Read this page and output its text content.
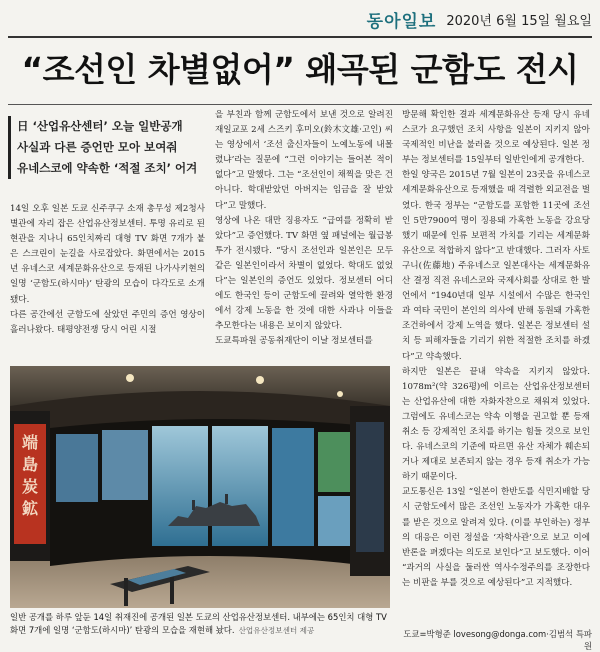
동아일보 2020년 6월 15일 월요일
“조선인 차별없어” 왜곡된 군함도 전시
日 ‘산업유산센터’ 오늘 일반공개
사실과 다른 증언만 모아 보여줘
유네스코에 약속한 ‘적절 조치’ 어겨
14일 오후 일본 도쿄 신주쿠구 소재 총무성 제2청사 별관에 자리 잡은 산업유산정보센터. 투명 유리로 된 현관을 지나니 65인치짜리 대형 TV 화면 7개가 붙은 스크린이 눈길을 사로잡았다. 화면에서는 2015년 유네스코 세계문화유산으로 등재된 나가사키현의 일명 ‘군함도(하시마)’ 탄광의 모습이 다각도로 소개됐다.
다른 공간에선 군함도에 살았던 주민의 증언 영상이 흘러나왔다. 태평양전쟁 당시 어린 시절
을 부친과 함께 군함도에서 보낸 것으로 알려진 재일교포 2세 스즈키 후미오(鈴木文雄·고인) 씨는 영상에서 ‘조선 출신자들이 노예노동에 내몰렸냐’라는 질문에 “그런 이야기는 들어본 적이 없다”고 말했다. 그는 “조선인이 채찍을 맞은 건 아니다. 학대받았던 아버지는 임금을 잘 받았다”고 말했다.
영상에 나온 대만 징용자도 “급여를 정확히 받았다”고 증언했다. TV 화면 옆 패널에는 월급봉투가 전시됐다. “당시 조선인과 일본인은 모두 같은 일본인이라서 차별이 없었다. 학대도 없었다”는 일본인의 증언도 있었다. 정보센터 어디에도 한국인 등이 군함도에 끌려와 열악한 환경에서 강제 노동을 한 것에 대한 사과나 이들을 추모한다는 내용은 보이지 않았다.
도쿄특파원 공동취재단이 이날 정보센터를
방문해 확인한 결과 세계문화유산 등재 당시 유네스코가 요구했던 조치 사항을 일본이 지키지 않아 국제적인 비난을 불러올 것으로 예상된다. 일본 정부는 정보센터를 15일부터 일반인에게 공개한다.
한일 양국은 2015년 7월 일본이 23곳을 유네스코 세계문화유산으로 등재했을 때 격렬한 외교전을 벌였다. 한국 정부는 “군함도를 포함한 11곳에 조선인 5만7900여 명이 징용돼 가혹한 노동을 강요당했기 때문에 인류 보편적 가치를 기리는 세계문화유산으로 적합하지 않다”고 반대했다. 그러자 사토 구니(佐藤地) 주유네스코 일본대사는 세계문화유산 결정 직전 유네스코와 국제사회를 상대로 한 발언에서 “1940년대 일부 시설에서 수많은 한국인과 여타 국민이 본인의 의사에 반해 동원돼 가혹한 조건하에서 강제 노역을 했다. 일본은 정보센터 설치 등 피해자들을 기리기 위한 적절한 조치를 하겠다”고 약속했다.
하지만 일본은 끝내 약속을 지키지 않았다. 1078m²(약 326평)에 이르는 산업유산정보센터는 산업유산에 대한 자화자찬으로 채워져 있었다. 그럼에도 유네스코는 약속 이행을 권고할 뿐 등재 취소 등 강제적인 조치를 하기는 힘들 것으로 보인다. 유네스코의 기준에 따르면 유산 자체가 훼손되거나 제대로 보존되지 않는 경우 등재 취소가 가능하기 때문이다.
교도통신은 13일 “일본이 한반도를 식민지배할 당시 군함도에서 많은 조선인 노동자가 가혹한 대우를 받은 것으로 알려져 있다. (이를 부인하는) 정부의 대응은 이런 정설을 ‘자학사관’으로 보고 이에 반론을 펴겠다는 의도로 보인다”고 보도했다. 이어 “과거의 사실을 둘러싼 역사수정주의를 조장한다는 비판을 부를 것으로 예상된다”고 지적했다.
端
島
炭
鉱
일반 공개를 하루 앞둔 14일 취재진에 공개된 일본 도쿄의 산업유산정보센터. 내부에는 65인치 대형 TV 화면 7개에 일명 ‘군함도(하시마)’ 탄광의 모습을 재현해 놨다. 산업유산정보센터 제공	도쿄=박형준 lovesong@donga.com·김범석 특파원
